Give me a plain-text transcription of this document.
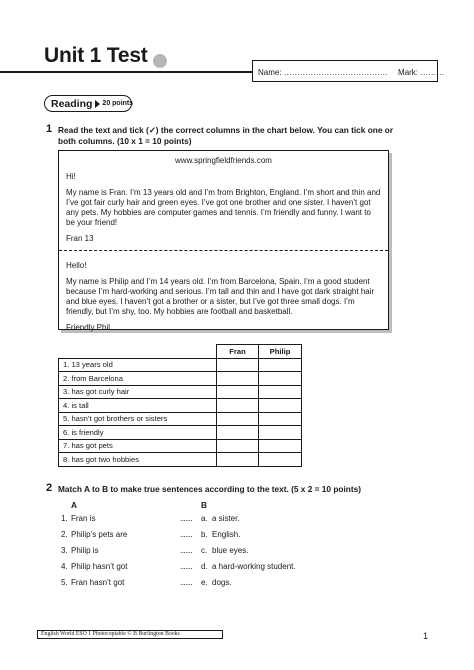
Unit 1 Test
Name: ………………………………… Mark: ………
Reading 20 points
1 Read the text and tick (✓) the correct columns in the chart below. You can tick one or
both columns. (10 x 1 = 10 points)
www.springfieldfriends.com
Hi!
My name is Fran. I’m 13 years old and I’m from Brighton, England. I’m short and thin and I’ve got fair curly hair and green eyes. I’ve got one brother and one sister. I haven’t got any pets. My hobbies are computer games and tennis. I’m friendly and funny. I want to be your friend!
Fran 13
Hello!
My name is Philip and I’m 14 years old. I’m from Barcelona, Spain. I’m a good student because I’m hard-working and serious. I’m tall and thin and I have got dark straight hair and blue eyes. I haven’t got a brother or a sister, but I’ve got three small dogs. I’m friendly, but I’m shy, too. My hobbies are football and basketball.
Friendly Phil
	Fran	Philip
1. 13 years old		
2. from Barcelona		
3. has got curly hair		
4. is tall		
5. hasn’t got brothers or sisters		
6. is friendly		
7. has got pets		
8. has got two hobbies		
2 Match A to B to make true sentences according to the text. (5 x 2 = 10 points)
A	B
1. Fran is	....... a. a sister.
2. Philip’s pets are	....... b. English.
3. Philip is	....... c. blue eyes.
4. Philip hasn’t got	....... d. a hard-working student.
5. Fran hasn’t got	....... e. dogs.
English World ESO 1 Photocopiable © B Burlington Books	1
